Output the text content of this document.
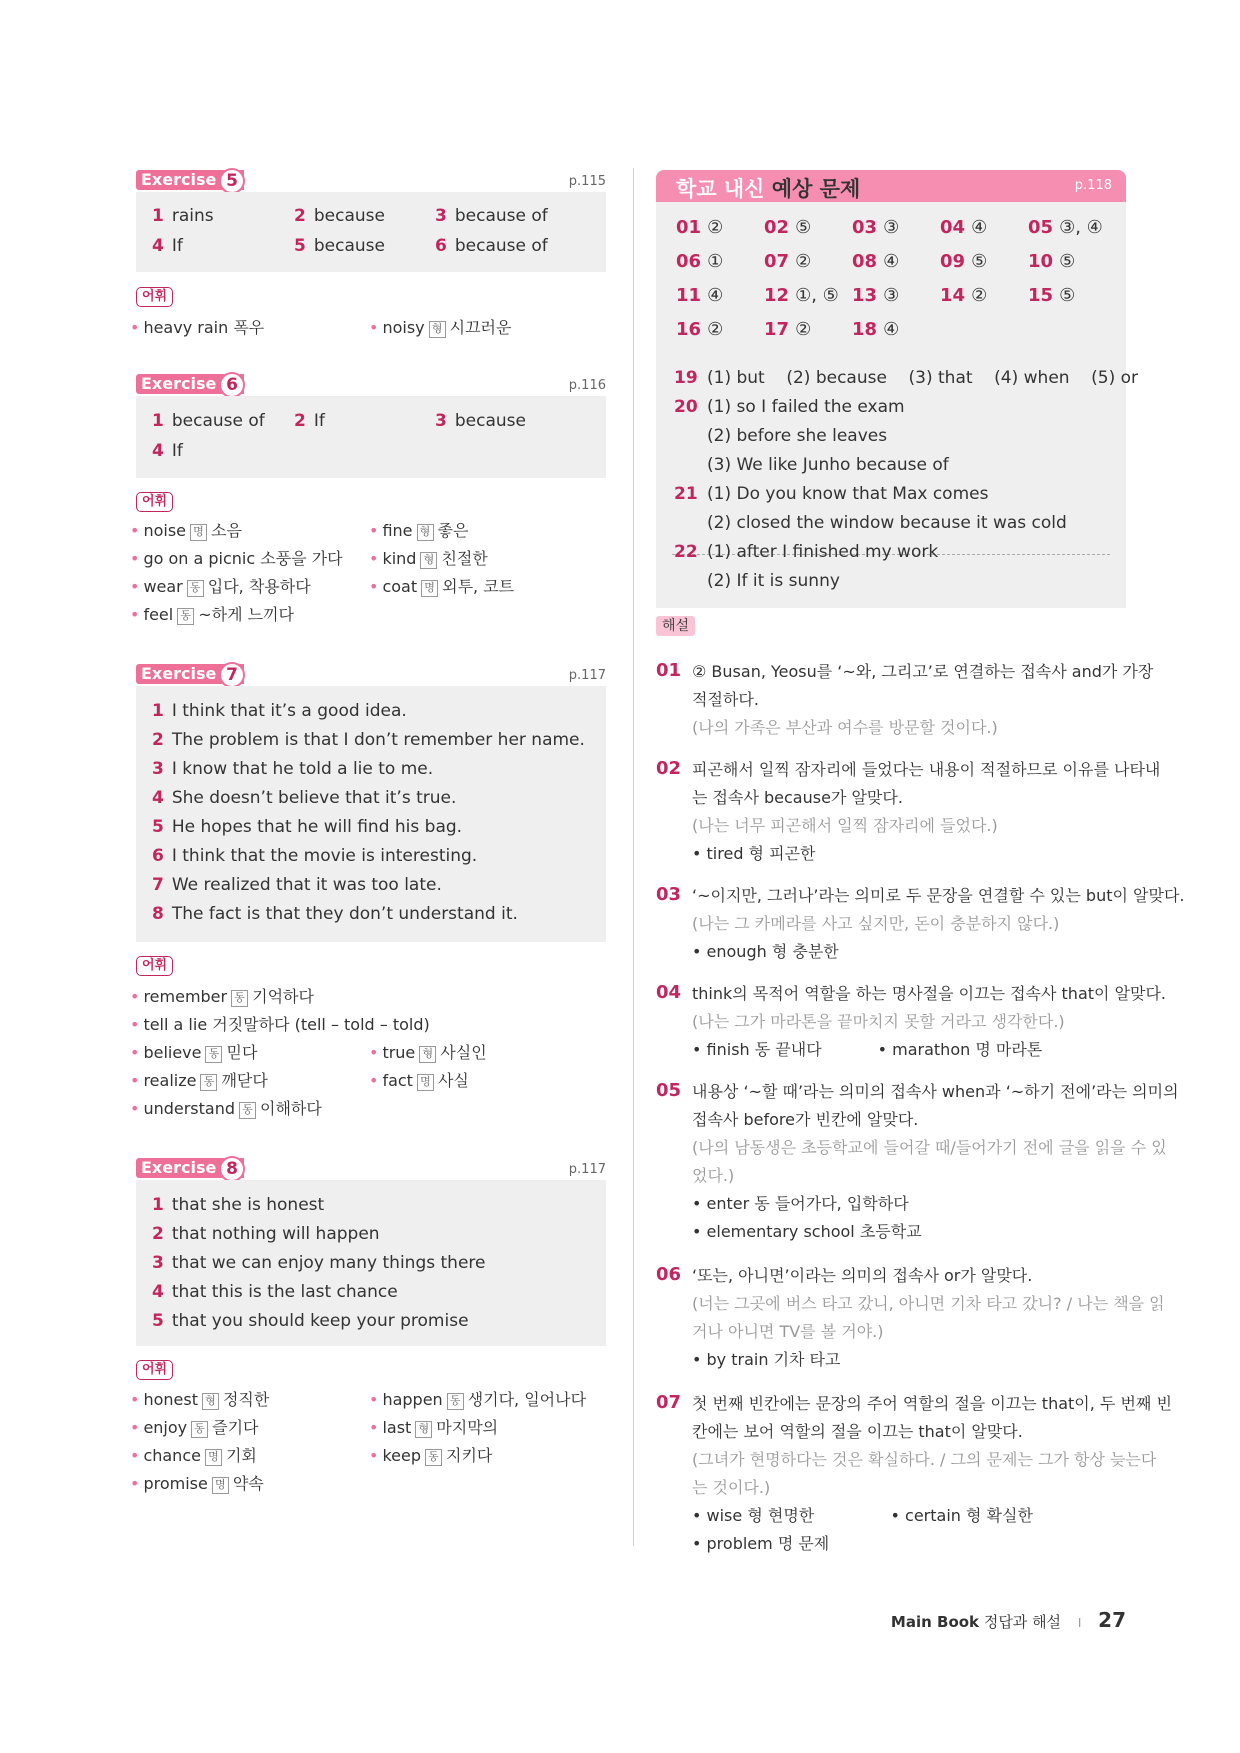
Exercise 5	p.115
1 rains	2 because	3 because of
4 If	5 because	6 because of
어휘
• heavy rain 폭우	• noisy 형 시끄러운
Exercise 6	p.116
1 because of 2 If	3 because
4 If
어휘
• noise 명 소음	• fine 형 좋은
• go on a picnic 소풍을 가다 • kind 형 친절한
• wear 동 입다, 착용하다	• coat 명 외투, 코트
• feel 동 ~하게 느끼다
Exercise 7	p.117
1 I think that it’s a good idea.
2 The problem is that I don’t remember her name.
3 I know that he told a lie to me.
4 She doesn’t believe that it’s true.
5 He hopes that he will find his bag.
6 I think that the movie is interesting.
7 We realized that it was too late.
8 The fact is that they don’t understand it.
어휘
• remember 동 기억하다
• tell a lie 거짓말하다 (tell – told – told)
• believe 동 믿다	• true 형 사실인
• realize 동 깨닫다	• fact 명 사실
• understand 동 이해하다
Exercise 8	p.117
1 that she is honest
2 that nothing will happen
3 that we can enjoy many things there
4 that this is the last chance
5 that you should keep your promise
어휘
• honest 형 정직한	• happen 동 생기다, 일어나다
• enjoy 동 즐기다	• last 형 마지막의
• chance 명 기회	• keep 동 지키다
• promise 명 약속
학교 내신 예상 문제	p.118
01 ② 02 ⑤ 03 ③ 04 ④ 05 ③, ④
06 ① 07 ② 08 ④ 09 ⑤ 10 ⑤
11 ④ 12 ①, ⑤ 13 ③ 14 ② 15 ⑤
16 ② 17 ② 18 ④
19 (1) but    (2) because    (3) that    (4) when    (5) or
20 (1) so I failed the exam
(2) before she leaves
(3) We like Junho because of
21 (1) Do you know that Max comes
(2) closed the window because it was cold
22 (1) after I finished my work
(2) If it is sunny
해설
01 ② Busan, Yeosu를 ‘~와, 그리고’로 연결하는 접속사 and가 가장
적절하다.
(나의 가족은 부산과 여수를 방문할 것이다.)
02 피곤해서 일찍 잠자리에 들었다는 내용이 적절하므로 이유를 나타내
는 접속사 because가 알맞다.
(나는 너무 피곤해서 일찍 잠자리에 들었다.)
• tired 형 피곤한
03 ‘~이지만, 그러나’라는 의미로 두 문장을 연결할 수 있는 but이 알맞다.
(나는 그 카메라를 사고 싶지만, 돈이 충분하지 않다.)
• enough 형 충분한
04 think의 목적어 역할을 하는 명사절을 이끄는 접속사 that이 알맞다.
(나는 그가 마라톤을 끝마치지 못할 거라고 생각한다.)
• finish 동 끝내다           • marathon 명 마라톤
05 내용상 ‘~할 때’라는 의미의 접속사 when과 ‘~하기 전에’라는 의미의
접속사 before가 빈칸에 알맞다.
(나의 남동생은 초등학교에 들어갈 때/들어가기 전에 글을 읽을 수 있
었다.)
• enter 동 들어가다, 입학하다
• elementary school 초등학교
06 ‘또는, 아니면’이라는 의미의 접속사 or가 알맞다.
(너는 그곳에 버스 타고 갔니, 아니면 기차 타고 갔니? / 나는 책을 읽
거나 아니면 TV를 볼 거야.)
• by train 기차 타고
07 첫 번째 빈칸에는 문장의 주어 역할의 절을 이끄는 that이, 두 번째 빈
칸에는 보어 역할의 절을 이끄는 that이 알맞다.
(그녀가 현명하다는 것은 확실하다. / 그의 문제는 그가 항상 늦는다
는 것이다.)
• wise 형 현명한               • certain 형 확실한
• problem 명 문제
Main Book 정답과 해설 I 27
